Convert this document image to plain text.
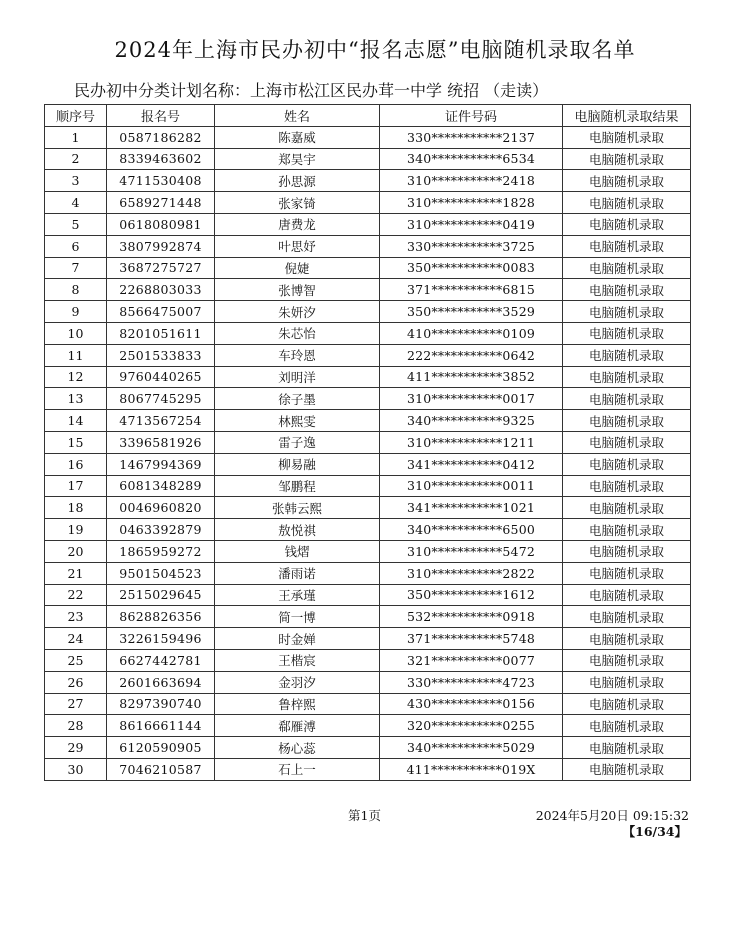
2024年上海市民办初中“报名志愿”电脑随机录取名单
民办初中分类计划名称：上海市松江区民办茸一中学 统招 （走读）
顺序号	报名号	姓名	证件号码	电脑随机录取结果
1	0587186282	陈嘉威	330***********2137	电脑随机录取
2	8339463602	郑昊宇	340***********6534	电脑随机录取
3	4711530408	孙思源	310***********2418	电脑随机录取
4	6589271448	张家锜	310***********1828	电脑随机录取
5	0618080981	唐费龙	310***********0419	电脑随机录取
6	3807992874	叶思妤	330***********3725	电脑随机录取
7	3687275727	倪婕	350***********0083	电脑随机录取
8	2268803033	张博智	371***********6815	电脑随机录取
9	8566475007	朱妍汐	350***********3529	电脑随机录取
10	8201051611	朱芯怡	410***********0109	电脑随机录取
11	2501533833	车玲恩	222***********0642	电脑随机录取
12	9760440265	刘明洋	411***********3852	电脑随机录取
13	8067745295	徐子墨	310***********0017	电脑随机录取
14	4713567254	林熙雯	340***********9325	电脑随机录取
15	3396581926	雷子逸	310***********1211	电脑随机录取
16	1467994369	柳易融	341***********0412	电脑随机录取
17	6081348289	邹鹏程	310***********0011	电脑随机录取
18	0046960820	张韩云熙	341***********1021	电脑随机录取
19	0463392879	敖悦祺	340***********6500	电脑随机录取
20	1865959272	钱熠	310***********5472	电脑随机录取
21	9501504523	潘雨诺	310***********2822	电脑随机录取
22	2515029645	王承瑾	350***********1612	电脑随机录取
23	8628826356	简一博	532***********0918	电脑随机录取
24	3226159496	时金婵	371***********5748	电脑随机录取
25	6627442781	王楷宸	321***********0077	电脑随机录取
26	2601663694	金羽汐	330***********4723	电脑随机录取
27	8297390740	鲁梓熙	430***********0156	电脑随机录取
28	8616661144	郗雁溥	320***********0255	电脑随机录取
29	6120590905	杨心蕊	340***********5029	电脑随机录取
30	7046210587	石上一	411***********019X	电脑随机录取
第1页	2024年5月20日 09:15:32
【16/34】
